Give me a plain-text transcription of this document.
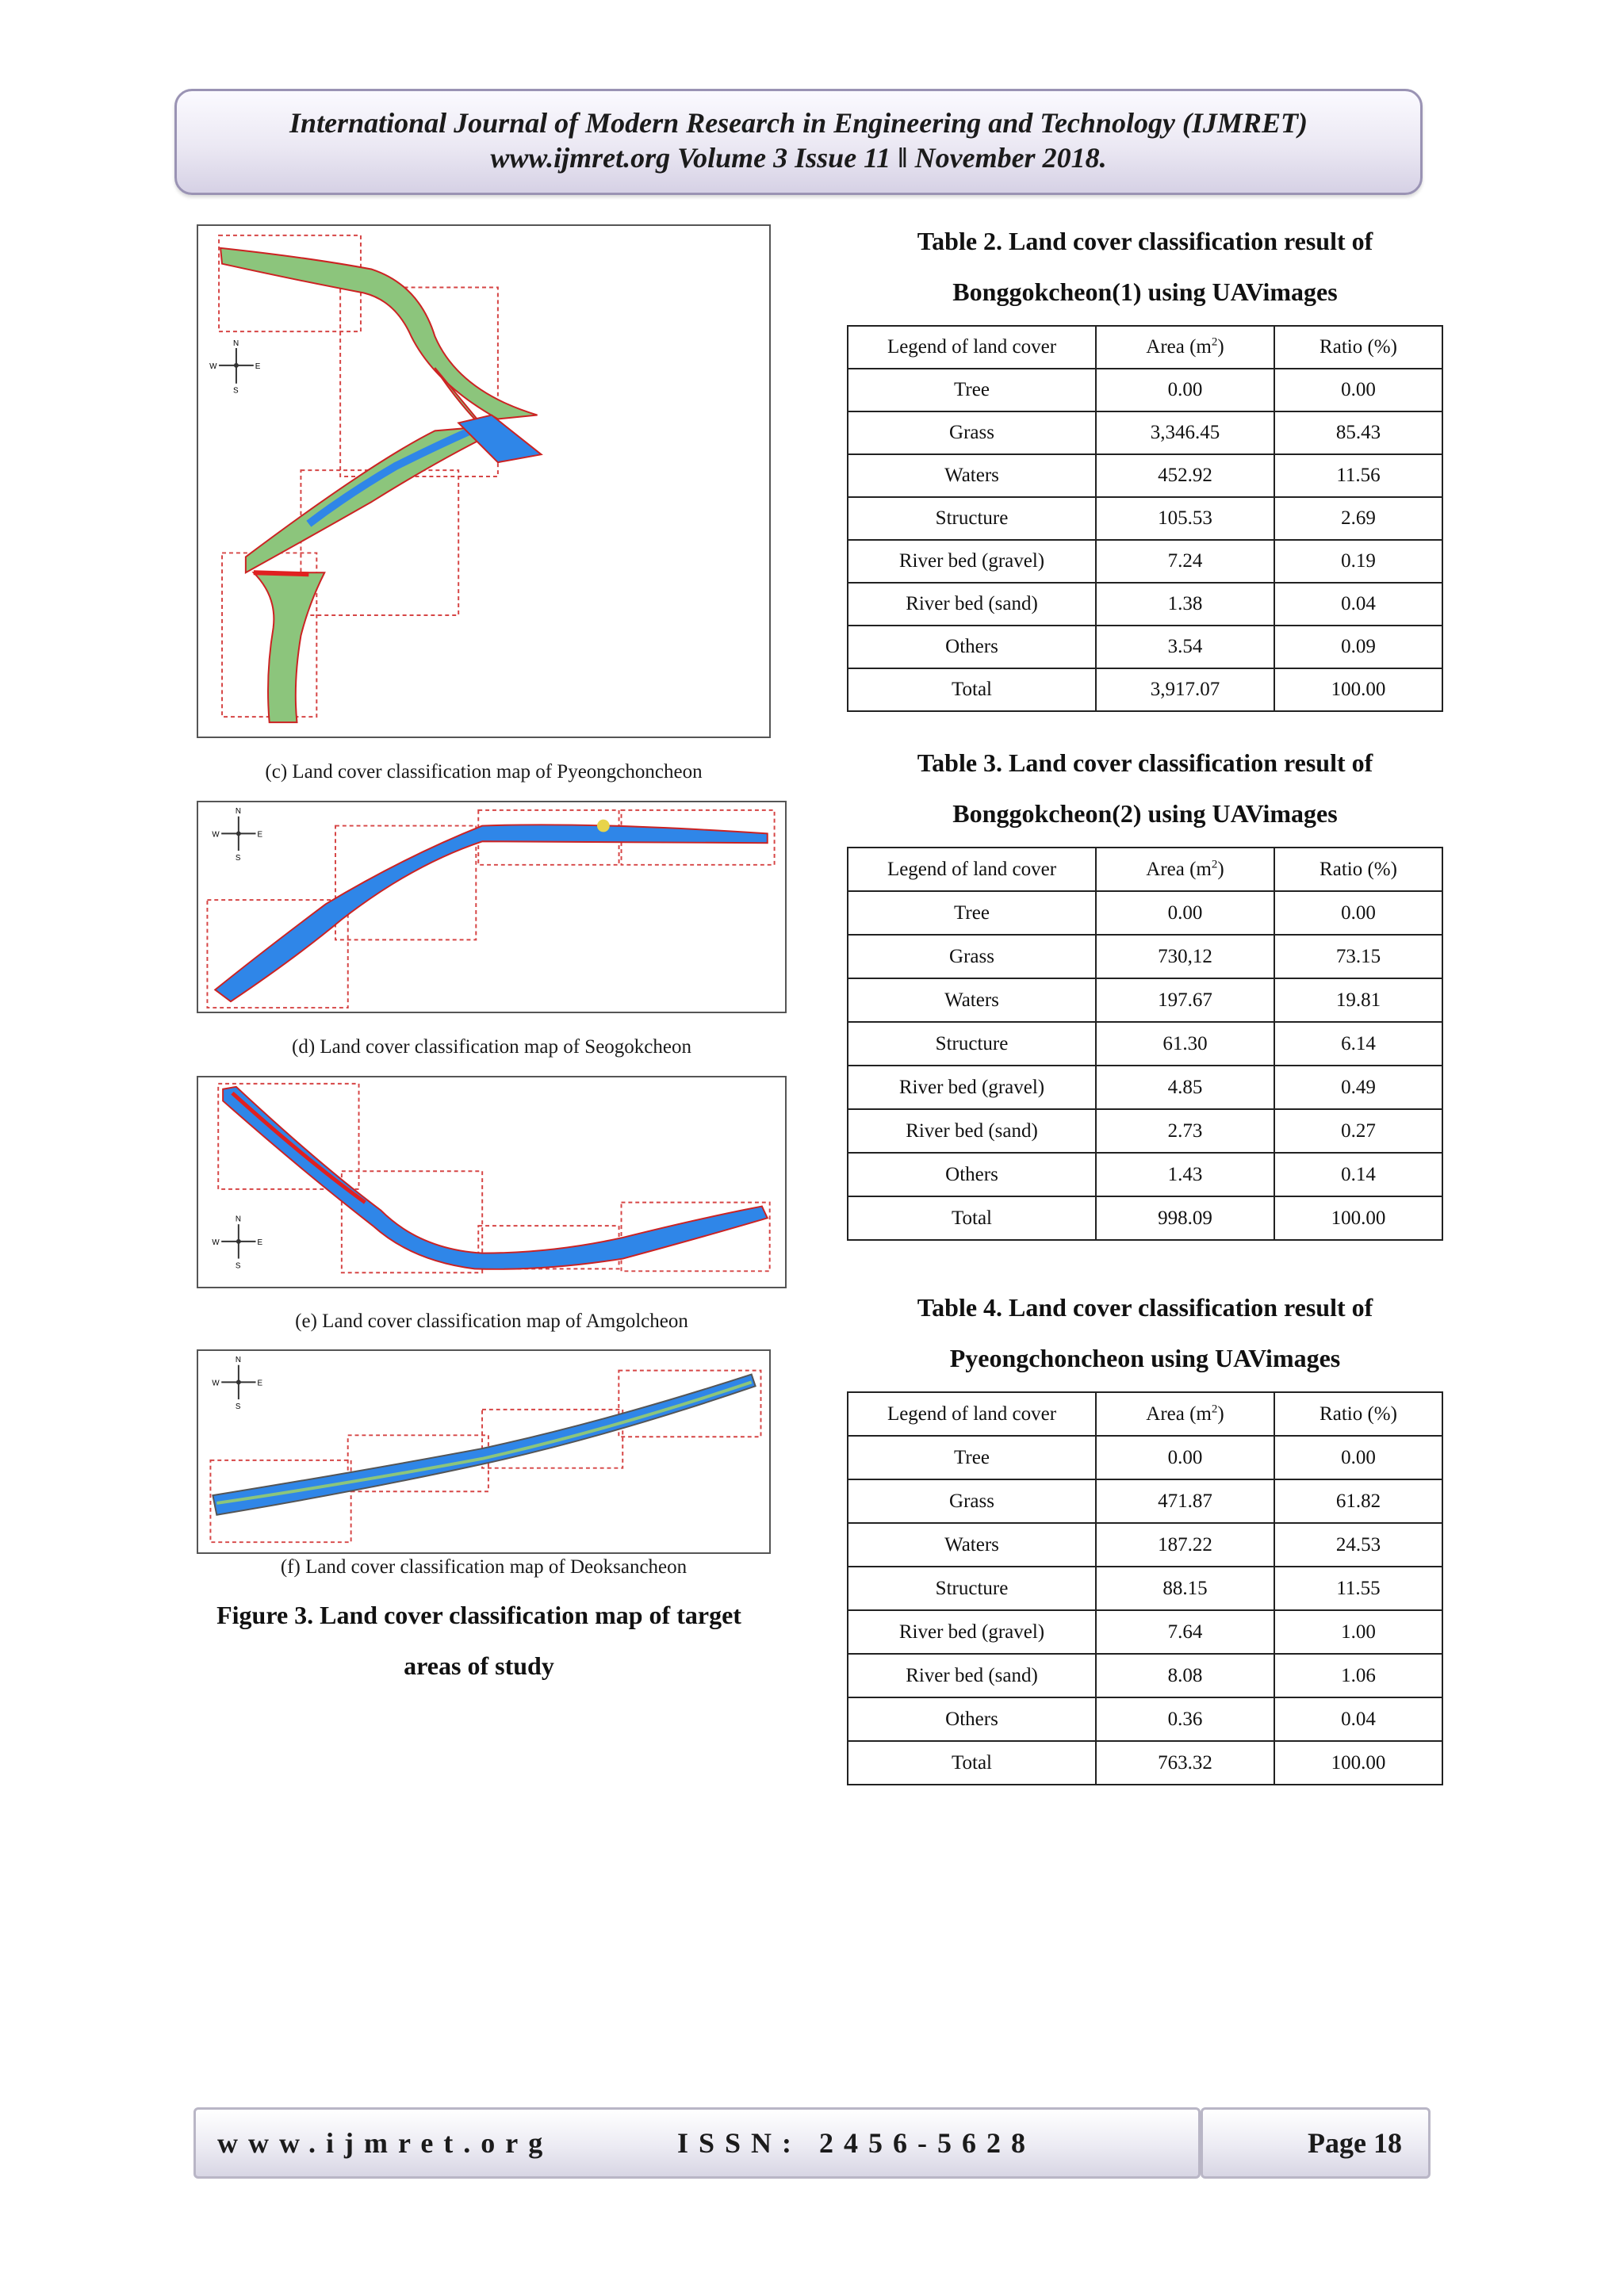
International Journal of Modern Research in Engineering and Technology (IJMRET)
www.ijmret.org Volume 3 Issue 11 ǁ November 2018.
N
S
E
W
(c) Land cover classification map of Pyeongchoncheon
N
S
E
W
(d) Land cover classification map of Seogokcheon
N
S
E
W
(e) Land cover classification map of Amgolcheon
N
S
E
W
(f) Land cover classification map of Deoksancheon
Figure 3. Land cover classification map of target
areas of study
Table 2. Land cover classification result of
Bonggokcheon(1) using UAVimages
Legend of land cover	Area $(m^2)$	Ratio (%)
Tree	0.00	0.00
Grass	3,346.45	85.43
Waters	452.92	11.56
Structure	105.53	2.69
River bed (gravel)	7.24	0.19
River bed (sand)	1.38	0.04
Others	3.54	0.09
Total	3,917.07	100.00
Table 3. Land cover classification result of
Bonggokcheon(2) using UAVimages
Legend of land cover	Area $(m^2)$	Ratio (%)
Tree	0.00	0.00
Grass	730,12	73.15
Waters	197.67	19.81
Structure	61.30	6.14
River bed (gravel)	4.85	0.49
River bed (sand)	2.73	0.27
Others	1.43	0.14
Total	998.09	100.00
Table 4. Land cover classification result of
Pyeongchoncheon using UAVimages
Legend of land cover	Area $(m^2)$	Ratio (%)
Tree	0.00	0.00
Grass	471.87	61.82
Waters	187.22	24.53
Structure	88.15	11.55
River bed (gravel)	7.64	1.00
River bed (sand)	8.08	1.06
Others	0.36	0.04
Total	763.32	100.00
www.ijmret.org	ISSN: 2456-5628	Page 18
